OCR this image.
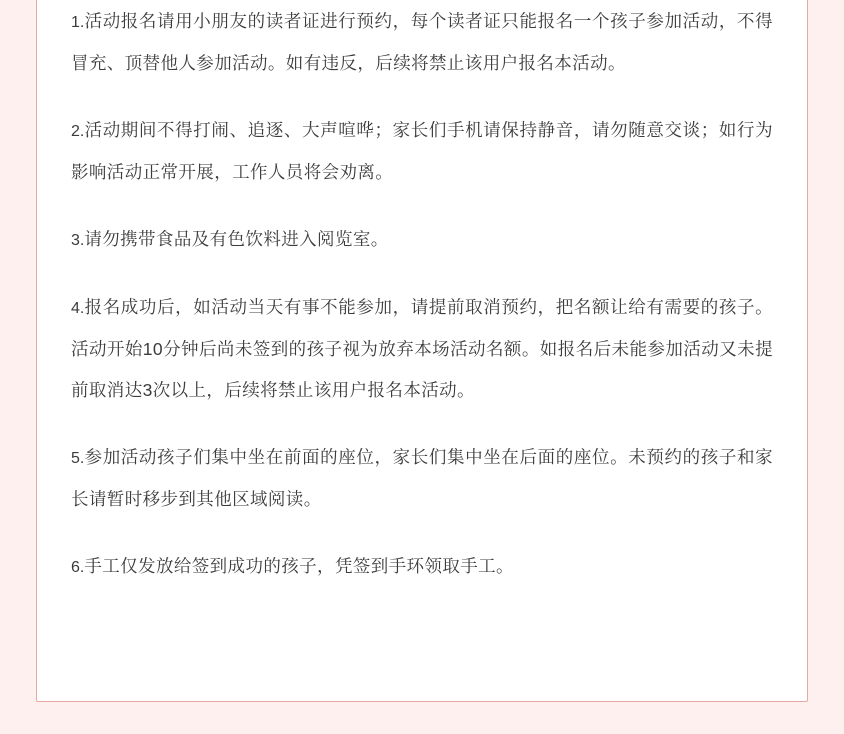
1.活动报名请用小朋友的读者证进行预约，每个读者证只能报名一个孩子参加活动，不得冒充、顶替他人参加活动。如有违反，后续将禁止该用户报名本活动。

2.活动期间不得打闹、追逐、大声喧哗；家长们手机请保持静音，请勿随意交谈；如行为影响活动正常开展，工作人员将会劝离。

3.请勿携带食品及有色饮料进入阅览室。

4.报名成功后，如活动当天有事不能参加，请提前取消预约，把名额让给有需要的孩子。活动开始10分钟后尚未签到的孩子视为放弃本场活动名额。如报名后未能参加活动又未提前取消达3次以上，后续将禁止该用户报名本活动。

5.参加活动孩子们集中坐在前面的座位，家长们集中坐在后面的座位。未预约的孩子和家长请暂时移步到其他区域阅读。

6.手工仅发放给签到成功的孩子，凭签到手环领取手工。
